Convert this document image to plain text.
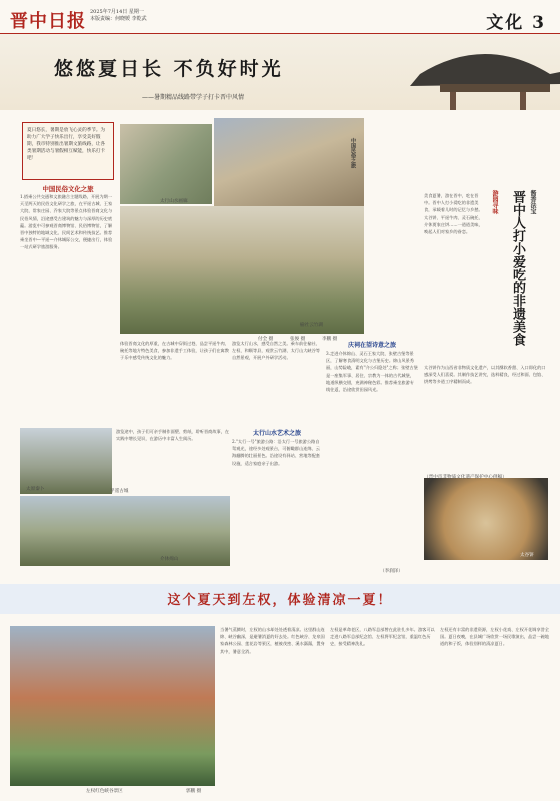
晋中日报 2025年7月14日 星期一
本版责编：何晓媛 李乾武	文化 3
悠悠夏日长 不负好时光
——暑期精品线路带学子打卡晋中风情
夏日悠长，暑期是放飞心灵的季节。为助力广大学子快乐出行，享受美好假期，我市特别推出暑期文旅线路，让各类暑期活动与暑假相互赋能，快乐打卡吧！
中国民俗文化之旅
1.搭乘公共交通和文旅融合主题线路，开展为期一天至两天的民俗文化研学之旅，在平遥古城、王家大院、常家庄园、乔家大院等景点体验晋商文化与民俗风情，沿途感受古建筑的魅力与深厚的历史底蕴。游览中可参观晋商博物馆、民俗博物馆，了解晋中独特的地域文化、民间艺术和传统技艺。推荐乘坐晋中—平遥—介休城际公交，便捷出行，体验一站式研学旅游服务。
太行山水画廊
中国民俗之旅
榆社云竹湖
体验晋商文化的厚重，在古城中穿街过巷，品尝平遥牛肉、碗托等地方特色美食，参加非遗手工体验，让孩子们在寓教于乐中感受传统文化的魅力。
太行山水艺术之旅
游览太行山水，感受自然之美。乘车前往榆社、左权、和顺等县，观赏云竹湖、太行山大峡谷等自然景观，开展户外研学活动。
2."太行一号"旅游公路：沿太行一号旅游公路自驾观光，途经多处观景台，可俯瞰群山连绵、云海翻腾的壮丽景色。沿途设有驿站、营地等配套设施，适合家庭亲子出游。
庆祠在望诗意之旅
3.走进介休绵山、灵石王家大院、张壁古堡等景区，了解寒食清明文化与古堡历史。绵山风景秀丽，山势险峻，素有"介公归隐处"之称；张壁古堡是一座集军事、居住、宗教为一体的古代城堡，地道纵横交错，充满神秘色彩。推荐乘坐旅游专线往返，沿途欣赏田园风光。
太原秦卜	平遥古城
介休绵山
游览途中，孩子们可亲手制作面塑、剪纸，聆听晋商故事，在实践中增长见识，在游历中丰富人生阅历。
付全 摄	张俊 摄	李鹏 摄
（李润泽）
晋中人打小爱吃的非遗美食 酱香法宝
游园寻味
美食夏暑，游在晋中，吃在晋中。晋中人打小爱吃的非遗美食，承载着儿时的记忆与乡愁。太谷饼、平遥牛肉、灵石碗托、介休贾家庄饼……一道道美味，唤起人们对家乡的眷恋。
太谷饼作为山西省非物质文化遗产，以其酥软香甜、入口即化的口感深受人们喜爱。其制作技艺讲究，选料精良，经过和面、包馅、烘烤等多道工序精制而成。
太谷饼
（晋中市非物质文化遗产保护中心供稿）
这个夏天到左权，体验清凉一夏！
左权红色峡谷景区	郭鹏 摄
当暑气蒸腾时，左权的山水却处处透着清凉。这里群山连绵、峡谷幽深，是避暑消夏的好去处。红色峡谷、龙泉国家森林公园、莲花岩等景区，植被茂密、溪水潺潺，置身其中，暑意全消。
左权是革命老区，八路军总部曾在此驻扎多年。游客可以走进八路军总部纪念馆、左权将军纪念馆，重温红色历史，接受精神洗礼。
左权还有丰富的非遗资源，左权小花戏、左权开花调享誉全国。夏日夜晚，在县城广场欣赏一场民歌演出，品尝一碗地道的和子饭，体验别样的清凉夏日。
